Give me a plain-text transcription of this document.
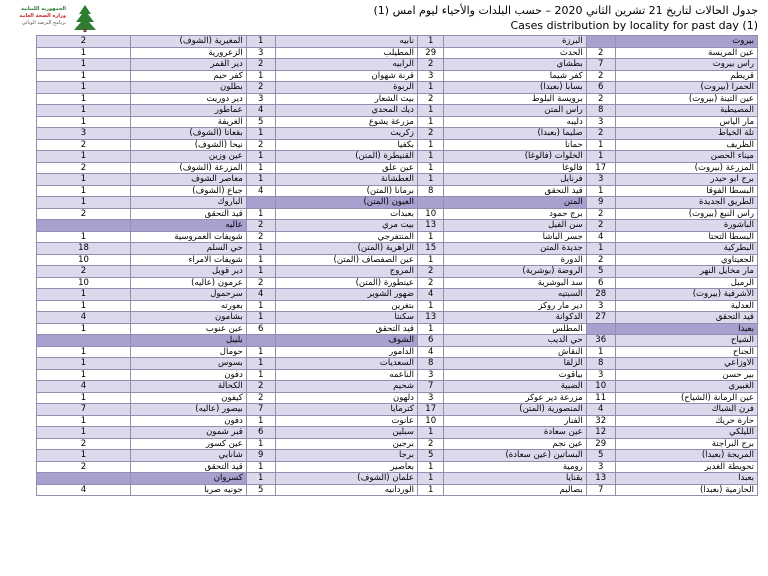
الجمهورية اللبنانية
وزارة الصحة العامة
برنامج الترصد الوبائي
جدول الحالات لتاريخ 21 تشرين الثاني 2020 – حسب البلدات والأحياء ليوم امس (1)
Cases distribution by locality for past day (1)
2	المغيرية (الشوف)	1	نابيه	1	البرزة		بيروت
1	الزعرورية	3	المطيلب	29	الحدث	2	عين المريسة
1	دير القمر	2	الرابيه	2	بطشاي	7	راس بيروت
1	كفر حيم	1	قرنة شهوان	3	كفر شيما	2	قريطم
1	بطلون	2	الربوة	1	بسابا (بعبدا)	6	الحمرا (بيروت)
1	دير دوريت	3	بيت الشعار	2	برويسة البلوط	2	عين التينة (بيروت)
1	عماطور	4	ديك المحدي	1	راس المتن	8	المصيطبة
1	الغريفة	5	مزرعة يشوع	1	دليبه	3	مار الياس
3	بقعاتا (الشوف)	1	زكريت	2	صليما (بعبدا)	2	تلة الخياط
2	نيحا (الشوف)	2	بكفيا	1	حمانا	1	الظريف
1	عين وزين	1	القنيطرة (المتن)	1	الخلوات (فالوغا)	1	ميناء الحصن
2	المزرعة (الشوف)	1	عين علق	1	فالوغا	17	المزرعة (بيروت)
1	معاصر الشوف	1	العطشانة	1	فرنايل	3	برج ابو حيدر
1	جباع (الشوف)	4	برمانا (المتن)	8	قيد التحقق	1	البسطا الفوقا
1	الباروك		العيون (المتن)		المتن	9	الطريق الجديدة
2	قيد التحقق	1	بعبدات	10	برج حمود	2	راس النبع (بيروت)
	عاليه	2	بيت مري	13	سن الفيل	2	الباشورة
1	شويفات العمروسية	2	المنتفرجي	1	جسر الباشا	4	البسطا التحتا
18	حي السلم	1	الزاهرية (المتن)	15	جديدة المتن	1	البطركية
10	شويفات الامراء	1	عين الصفصاف (المتن)	1	الدورة	2	الجعيتاوي
2	دير قوبل	1	المروج	2	الروضة (بوشرية)	5	مار مخايل النهر
10	عرمون (عاليه)	2	عينطورة (المتن)	2	سد البوشرية	6	الرميل
1	سرحمول	4	ضهور الشوير	4	السبتيه	28	الأشرفية (بيروت)
1	بعورته	1	بتغرين	1	دير مار روكز	3	العدلية
4	بشامون	1	سكنتا	13	الدكوانة	27	قيد التحقق
1	عين عنوب	6	قيد التحقق	1	المطلس		بعبدا
	بليبل		الشوف	6	حي الديب	36	الشياح
1	حومال	1	الدامور	4	النقاش	1	الجناح
1	بسوس	1	السعديات	8	الزلقا	8	الاوزاعي
1	دفون	1	الناعمه	3	بياقوت	3	بير حسن
4	الكحالة	2	شحيم	7	الضبية	10	الغبيري
1	كيفون	2	دلهون	3	مزرعة دير عوكر	11	عين الرمانة (الشياح)
7	بيصور (عاليه)	7	كترمايا	17	المنصورية (المتن)	4	فرن الشباك
1	دفون	1	عانوت	10	الفنار	32	حارة حريك
1	قبر شمون	6	سبلين	1	عين سعادة	12	الليلكي
2	عين كسور	1	برجين	2	عين نجم	29	برج البراجنة
1	شانايي	9	برجا	5	البساتين (عين سعادة)	5	المريجة (بعبدا)
2	قيد التحقق	1	بعاصير	1	رومية	3	تحويطة الغدير
	كسروان	1	علمان (الشوف)	1	بقنايا	13	بعبدا
4	جونيه صربا	5	الوردانيه	1	بصاليم	7	الحازمية (بعبدا)
